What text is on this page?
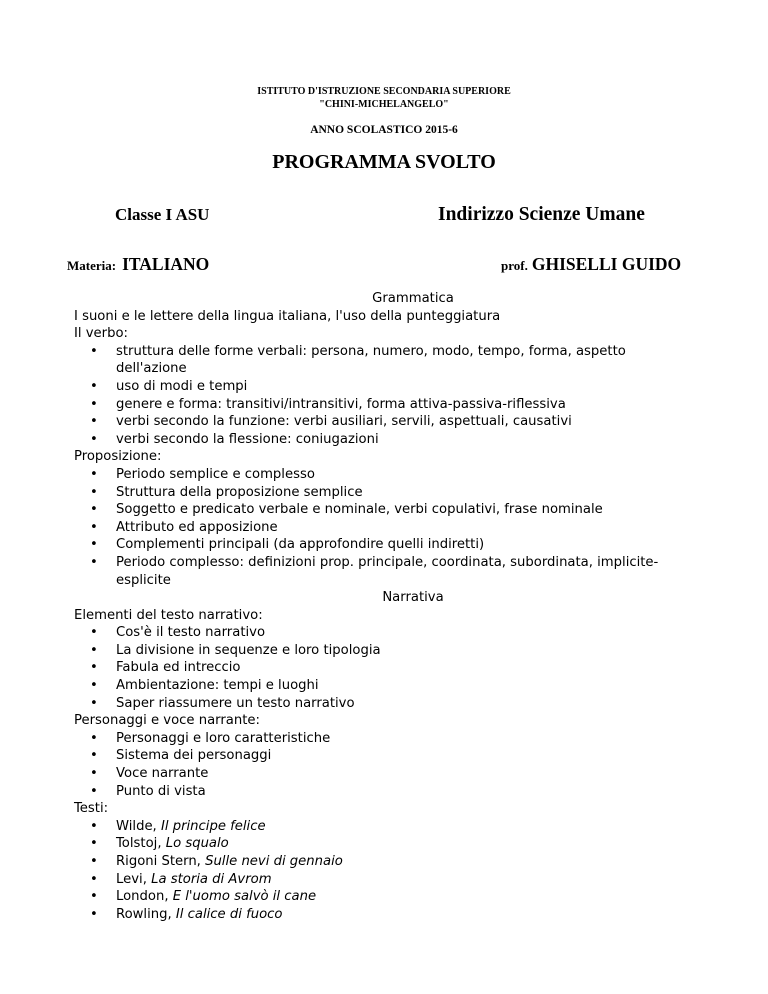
ISTITUTO D'ISTRUZIONE SECONDARIA SUPERIORE
"CHINI-MICHELANGELO"
ANNO SCOLASTICO 2015-6
PROGRAMMA SVOLTO
Classe I ASU	Indirizzo Scienze Umane
Materia: ITALIANO	prof. GHISELLI GUIDO
Grammatica
I suoni e le lettere della lingua italiana, l'uso della punteggiatura
Il verbo:
• struttura delle forme verbali: persona, numero, modo, tempo, forma, aspetto
dell'azione
• uso di modi e tempi
• genere e forma: transitivi/intransitivi, forma attiva-passiva-riflessiva
• verbi secondo la funzione: verbi ausiliari, servili, aspettuali, causativi
• verbi secondo la flessione: coniugazioni
Proposizione:
• Periodo semplice e complesso
• Struttura della proposizione semplice
• Soggetto e predicato verbale e nominale, verbi copulativi, frase nominale
• Attributo ed apposizione
• Complementi principali (da approfondire quelli indiretti)
• Periodo complesso: definizioni prop. principale, coordinata, subordinata, implicite-
esplicite
Narrativa
Elementi del testo narrativo:
• Cos'è il testo narrativo
• La divisione in sequenze e loro tipologia
• Fabula ed intreccio
• Ambientazione: tempi e luoghi
• Saper riassumere un testo narrativo
Personaggi e voce narrante:
• Personaggi e loro caratteristiche
• Sistema dei personaggi
• Voce narrante
• Punto di vista
Testi:
• Wilde, Il principe felice
• Tolstoj, Lo squalo
• Rigoni Stern, Sulle nevi di gennaio
• Levi, La storia di Avrom
• London, E l'uomo salvò il cane
• Rowling, Il calice di fuoco
